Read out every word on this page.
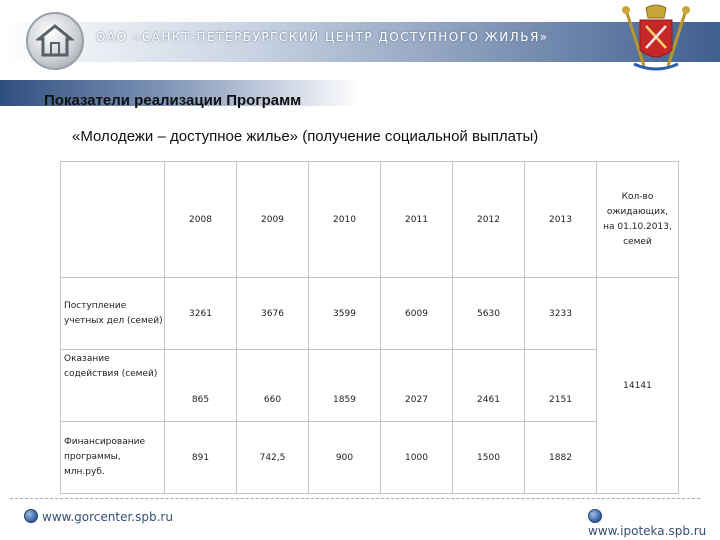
ОАО «САНКТ-ПЕТЕРБУРГСКИЙ ЦЕНТР ДОСТУПНОГО ЖИЛЬЯ»
Показатели реализации Программ
«Молодежи – доступное жилье» (получение социальной выплаты)
	2008	2009	2010	2011	2012	2013	Кол-во ожидающих, на 01.10.2013, семей
Поступление учетных дел (семей)	3261	3676	3599	6009	5630	3233	14141
Оказание содействия (семей)	865	660	1859	2027	2461	2151	
Финансирование программы, млн.руб.	891	742,5	900	1000	1500	1882	
www.gorcenter.spb.ru
www.ipoteka.spb.ru
